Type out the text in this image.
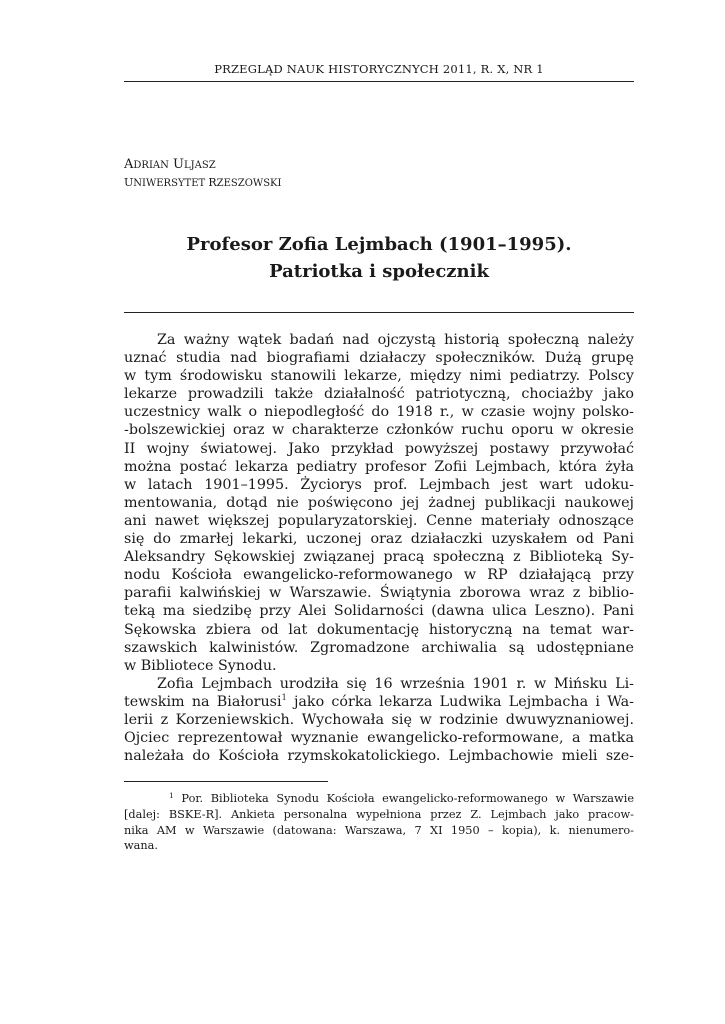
PRZEGLĄD NAUK HISTORYCZNYCH 2011, R. X, NR 1
ADRIAN ULJASZ
UNIWERSYTET RZESZOWSKI
Profesor Zofia Lejmbach (1901–1995).
Patriotka i społecznik
Za ważny wątek badań nad ojczystą historią społeczną należy
uznać studia nad biografiami działaczy społeczników. Dużą grupę
w tym środowisku stanowili lekarze, między nimi pediatrzy. Polscy
lekarze prowadzili także działalność patriotyczną, chociażby jako
uczestnicy walk o niepodległość do 1918 r., w czasie wojny polsko-
-bolszewickiej oraz w charakterze członków ruchu oporu w okresie
II wojny światowej. Jako przykład powyższej postawy przywołać
można postać lekarza pediatry profesor Zofii Lejmbach, która żyła
w latach 1901–1995. Życiorys prof. Lejmbach jest wart udoku-
mentowania, dotąd nie poświęcono jej żadnej publikacji naukowej
ani nawet większej popularyzatorskiej. Cenne materiały odnoszące
się do zmarłej lekarki, uczonej oraz działaczki uzyskałem od Pani
Aleksandry Sękowskiej związanej pracą społeczną z Biblioteką Sy-
nodu Kościoła ewangelicko-reformowanego w RP działającą przy
parafii kalwińskiej w Warszawie. Świątynia zborowa wraz z biblio-
teką ma siedzibę przy Alei Solidarności (dawna ulica Leszno). Pani
Sękowska zbiera od lat dokumentację historyczną na temat war-
szawskich kalwinistów. Zgromadzone archiwalia są udostępniane
w Bibliotece Synodu.
Zofia Lejmbach urodziła się 16 września 1901 r. w Mińsku Li-
tewskim na Białorusi$^1$ jako córka lekarza Ludwika Lejmbacha i Wa-
lerii z Korzeniewskich. Wychowała się w rodzinie dwuwyznaniowej.
Ojciec reprezentował wyznanie ewangelicko-reformowane, a matka
należała do Kościoła rzymskokatolickiego. Lejmbachowie mieli sze-
$^1$ Por. Biblioteka Synodu Kościoła ewangelicko-reformowanego w Warszawie
[dalej: BSKE-R]. Ankieta personalna wypełniona przez Z. Lejmbach jako pracow-
nika AM w Warszawie (datowana: Warszawa, 7 XI 1950 – kopia), k. nienumero-
wana.
